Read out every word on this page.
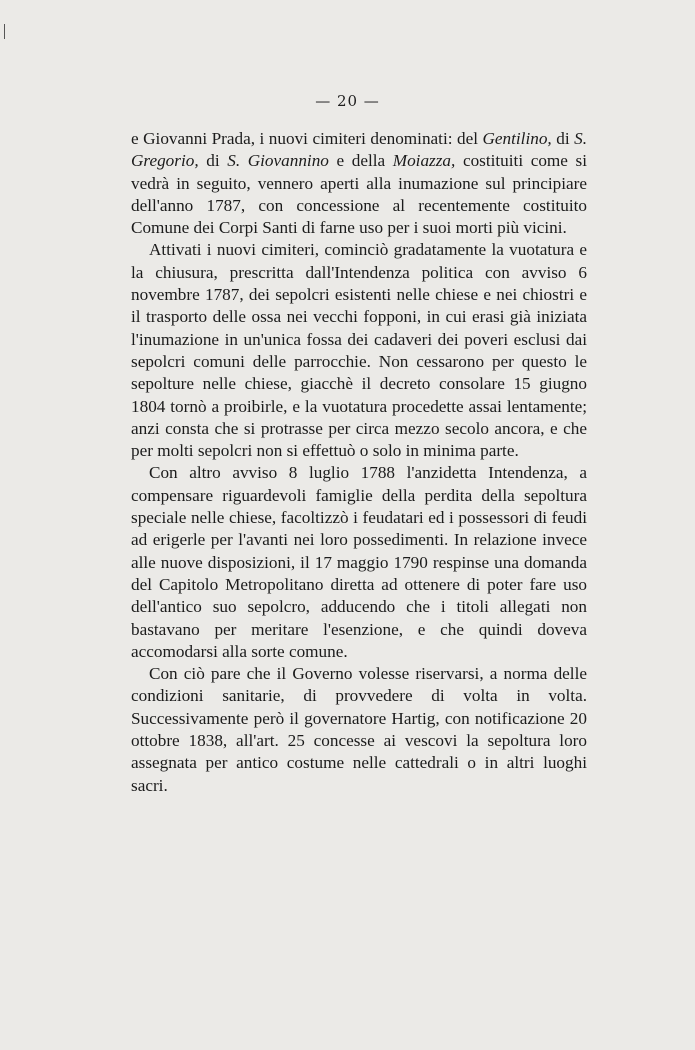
— 20 —

e Giovanni Prada, i nuovi cimiteri denominati: del Gentilino, di S. Gregorio, di S. Giovannino e della Moiazza, costituiti come si vedrà in seguito, vennero aperti alla inumazione sul principiare dell'anno 1787, con concessione al recentemente costituito Comune dei Corpi Santi di farne uso per i suoi morti più vicini.

Attivati i nuovi cimiteri, cominciò gradatamente la vuotatura e la chiusura, prescritta dall'Intendenza politica con avviso 6 novembre 1787, dei sepolcri esistenti nelle chiese e nei chiostri e il trasporto delle ossa nei vecchi fopponi, in cui erasi già iniziata l'inumazione in un'unica fossa dei cadaveri dei poveri esclusi dai sepolcri comuni delle parrocchie. Non cessarono per questo le sepolture nelle chiese, giacchè il decreto consolare 15 giugno 1804 tornò a proibirle, e la vuotatura procedette assai lentamente; anzi consta che si protrasse per circa mezzo secolo ancora, e che per molti sepolcri non si effettuò o solo in minima parte.

Con altro avviso 8 luglio 1788 l'anzidetta Intendenza, a compensare riguardevoli famiglie della perdita della sepoltura speciale nelle chiese, facoltizzò i feudatari ed i possessori di feudi ad erigerle per l'avanti nei loro possedimenti. In relazione invece alle nuove disposizioni, il 17 maggio 1790 respinse una domanda del Capitolo Metropolitano diretta ad ottenere di poter fare uso dell'antico suo sepolcro, adducendo che i titoli allegati non bastavano per meritare l'esenzione, e che quindi doveva accomodarsi alla sorte comune.

Con ciò pare che il Governo volesse riservarsi, a norma delle condizioni sanitarie, di provvedere di volta in volta. Successivamente però il governatore Hartig, con notificazione 20 ottobre 1838, all'art. 25 concesse ai vescovi la sepoltura loro assegnata per antico costume nelle cattedrali o in altri luoghi sacri.
